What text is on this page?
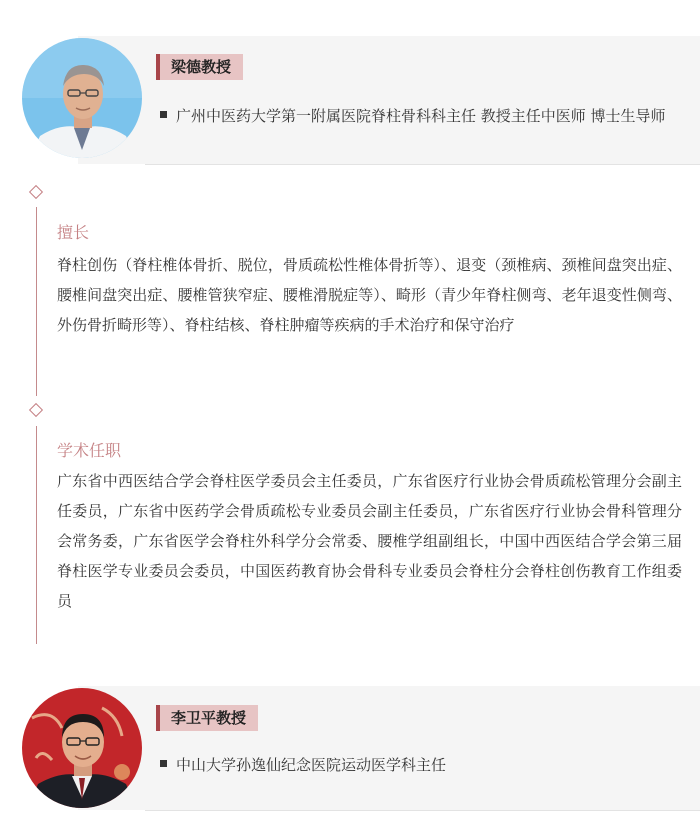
梁德教授
广州中医药大学第一附属医院脊柱骨科科主任 教授主任中医师 博士生导师
擅长
脊柱创伤（脊柱椎体骨折、脱位，骨质疏松性椎体骨折等）、退变（颈椎病、颈椎间盘突出症、腰椎间盘突出症、腰椎管狭窄症、腰椎滑脱症等）、畸形（青少年脊柱侧弯、老年退变性侧弯、外伤骨折畸形等）、脊柱结核、脊柱肿瘤等疾病的手术治疗和保守治疗
学术任职
广东省中西医结合学会脊柱医学委员会主任委员，广东省医疗行业协会骨质疏松管理分会副主任委员，广东省中医药学会骨质疏松专业委员会副主任委员，广东省医疗行业协会骨科管理分会常务委，广东省医学会脊柱外科学分会常委、腰椎学组副组长，中国中西医结合学会第三届脊柱医学专业委员会委员，中国医药教育协会骨科专业委员会脊柱分会脊柱创伤教育工作组委员
李卫平教授
中山大学孙逸仙纪念医院运动医学科主任
